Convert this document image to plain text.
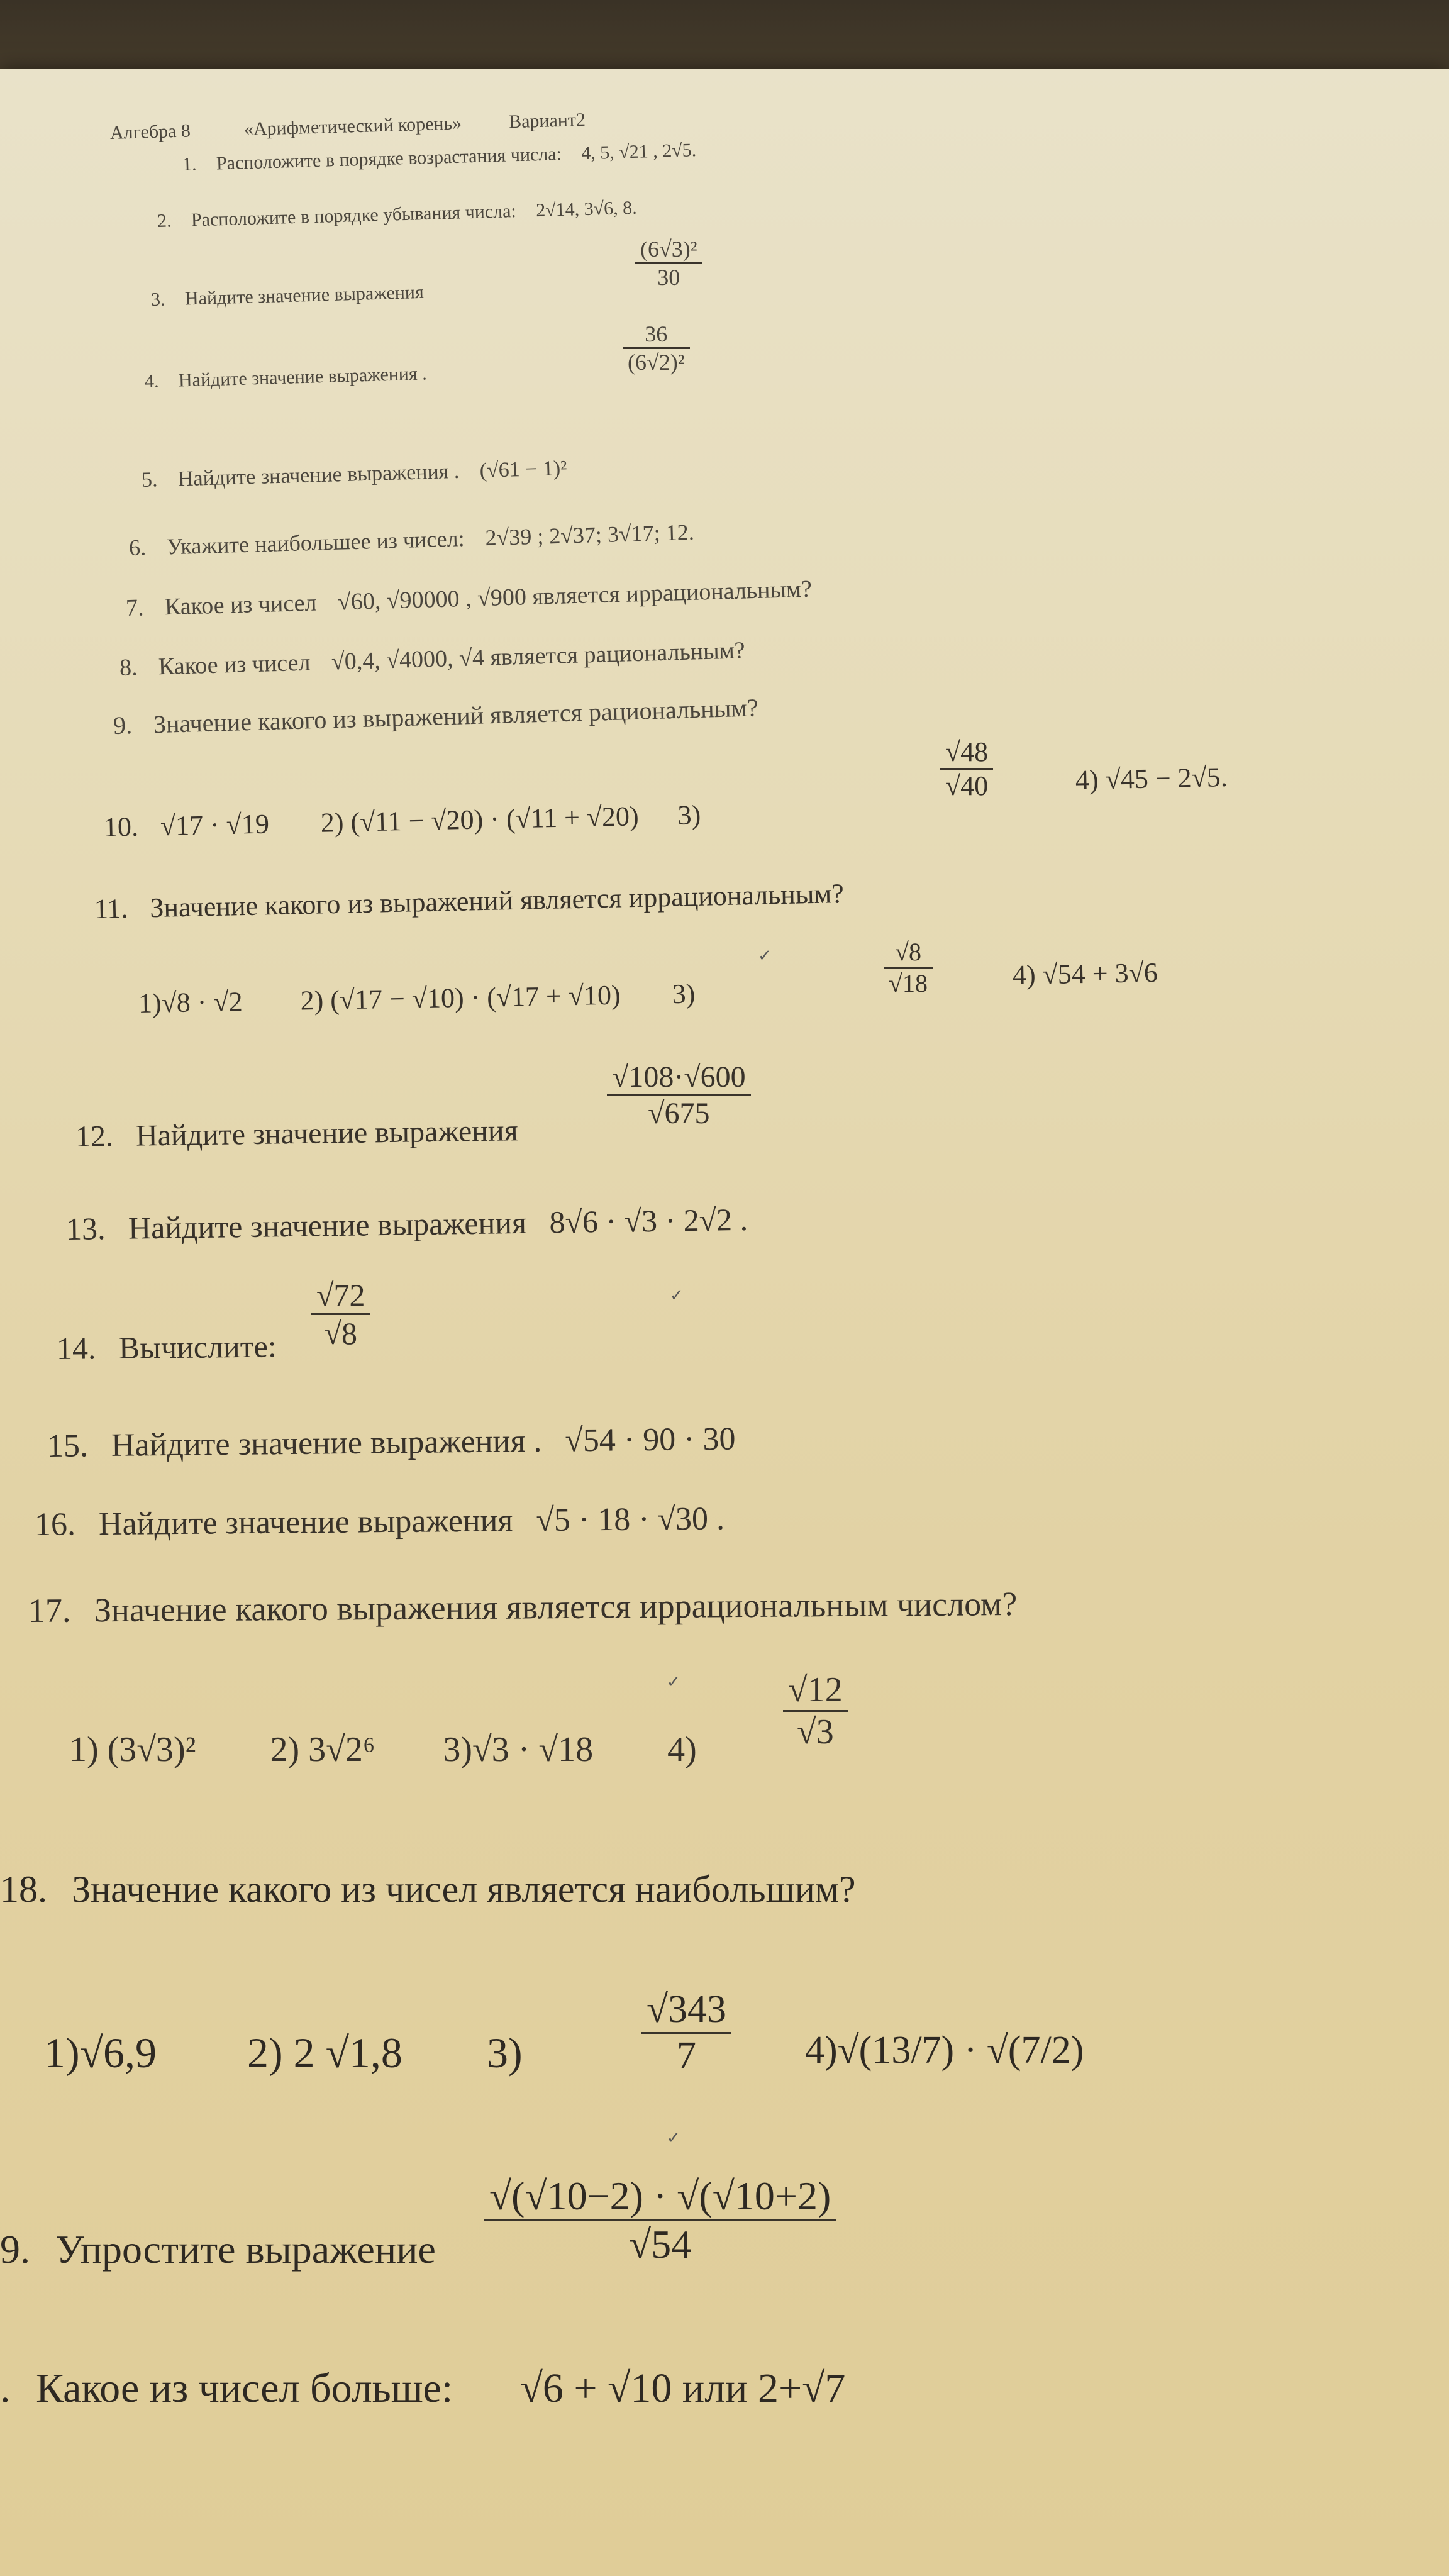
Алгебра 8	«Арифметический корень» Вариант2
1. Расположите в порядке возрастания числа: 4, 5, √21 , 2√5.
2. Расположите в порядке убывания числа: 2√14, 3√6, 8.
3. Найдите значение выражения
$\frac{\text{(6√3)²}}{30}$
4. Найдите значение выражения .
$\frac{36}{\text{(6√2)²}}$
5. Найдите значение выражения . (√61 − 1)²
6. Укажите наибольшее из чисел: 2√39 ; 2√37; 3√17; 12.
7. Какое из чисел √60, √90000 , √900 является иррациональным?
8. Какое из чисел √0,4, √4000, √4 является рациональным?
9. Значение какого из выражений является рациональным?
10. √17 · √19 2) (√11 − √20) · (√11 + √20) 3)
$\frac{√48}{√40}$	4) √45 − 2√5.
11. Значение какого из выражений является иррациональным?
1)√8 · √2 2) (√17 − √10) · (√17 + √10) 3)	$\frac{√8}{√18}$	4) √54 + 3√6
12. Найдите значение выражения
$\frac{√108\cdot√600}{√675}$
13. Найдите значение выражения 8√6 · √3 · 2√2 .
14. Вычислите: $\frac{√72}{√8}$
15. Найдите значение выражения . √54 · 90 · 30
16. Найдите значение выражения √5 · 18 · √30 .
17. Значение какого выражения является иррациональным числом?
1) (3√3)² 2) 3√2⁶ 3)√3 · √18 $4) \frac{√12}{√3}$
18. Значение какого из чисел является наибольшим?
1)√6,9 2) 2 √1,8 3)	$\frac{√343}{7} 4)√(13/7) \cdot √(7/2)$
9. Упростите выражение $\frac{√(√10-2) \cdot √(√10+2)}{√54}$
. Какое из чисел больше: √6 + √10 или 2+√7
✓
✓
✓
✓
